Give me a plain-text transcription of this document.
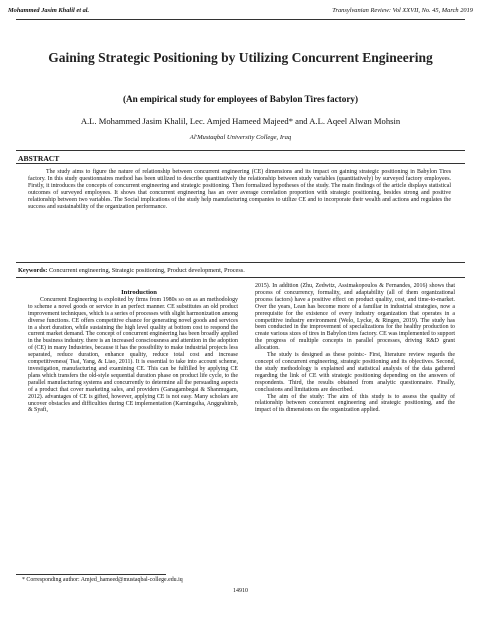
Mohammed Jasim Khalil et al.	Transylvanian Review: Vol XXVII, No. 45, March 2019
Gaining Strategic Positioning by Utilizing Concurrent Engineering
(An empirical study for employees of Babylon Tires factory)
A.L. Mohammed Jasim Khalil, Lec. Amjed Hameed Majeed* and A.L. Aqeel Alwan Mohsin
Al'Mustaqbal University College, Iraq
ABSTRACT
The study aims to figure the nature of relationship between concurrent engineering (CE) dimensions and its impact on gaining strategic positioning in Babylon Tires factory. In this study questionnaires method has been utilized to describe quantitatively the relationship between study variables (quantitatively) by surveyed factory employees. Firstly, it introduces the concepts of concurrent engineering and strategic positioning. Then formalized hypotheses of the study. The main findings of the article displays statistical outcomes of surveyed employees. It shows that concurrent engineering has an over average correlation proportion with strategic positioning, besides strong and positive relationship between two variables. The Social implications of the study help manufacturing companies to utilize CE and to incorporate their wealth and actions and regulates the success and sustainability of the organization performance.
Keywords: Concurrent engineering, Strategic positioning, Product development, Process.

Introduction

Concurrent Engineering is exploited by firms from 1980s so on as an methodology to scheme a novel goods or service in an perfect manner. CE substitutes an old product improvement techniques, which is a series of processes with slight harmonization among diverse functions. CE offers competitive chance for generating novel goods and services in a short duration, while sustaining the high level quality at bottom cost to respond the current market demand. The concept of concurrent engineering has been broadly applied in the business industry. there is an increased consciousness and attention in the adoption of (CE) in many Industries, because it has the possibility to make industrial projects less separated, reduce duration, enhance quality, reduce total cost and increase competitiveness( Tsai, Yang, & Liao, 2011). It is essential to take into account scheme, investigation, manufacturing and examining CE. This can be fulfilled by applying CE plans which transfers the old-style sequential duration phase on product life cycle, to the parallel manufacturing systems and concurrently to determine all the persuading aspects of a product that cover marketing sales, and providers (Ganagambegai & Shanmugam, 2012). advantages of CE is gifted, however, applying CE is not easy. Many scholars are uncover obstacles and difficulties during CE implementation (Karningsiha, Anggrahimb, & Syafi,

2015). In addition (Zhu, Zedwitz, Assimakopoulos & Fernandes, 2016) shows that process of concurrency, formality, and adaptability (all of them organizational process factors) have a positive effect on product quality, cost, and time-to-market. Over the years, Lean has become more of a familiar in industrial strategies, now a prerequisite for the existence of every industry organization that operates in a competitive industry environment (Welo, Lycke, & Ringen, 2019). The study has been conducted in the improvement of specializations for the healthy production to create various sizes of tires in Babylon tires factory. CE was implemented to support the progress of multiple concepts in parallel processes, driving R&D grant allocation.

The study is designed as these points:- First, literature review regards the concept of concurrent engineering, strategic positioning and its objectives. Second, the study methodology is explained and statistical analysis of the data gathered regarding the link of CE with strategic positioning depending on the answers of respondents. Third, the results obtained from analytic questionnaire. Finally, conclusions and limitations are described.

The aim of the study: The aim of this study is to assess the quality of relationship between concurrent engineering and strategic positioning, and the impact of its dimensions on the organization applied.

* Corresponding author: Amjed_hameed@mustaqbal-college.edu.iq
14910
